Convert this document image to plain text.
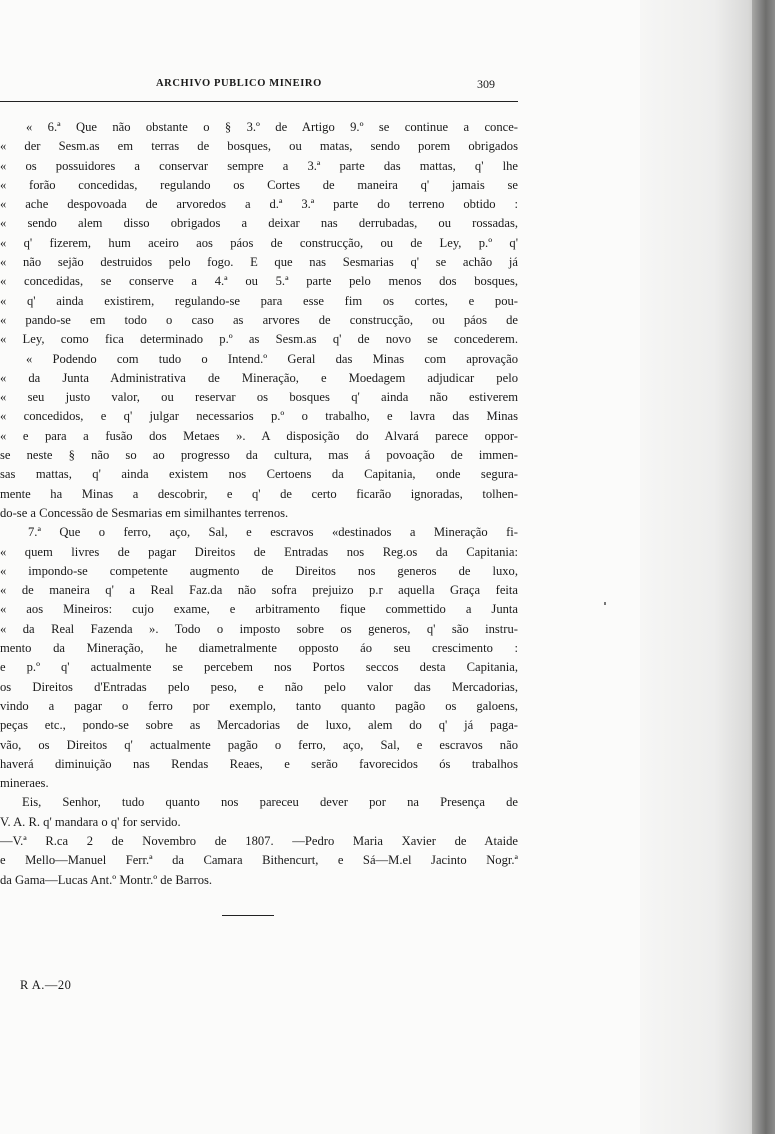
ARCHIVO PUBLICO MINEIRO	309
« 6.ª Que não obstante o § 3.º de Artigo 9.º se continue a conce-
« der Sesm.as em terras de bosques, ou matas, sendo porem obrigados
« os possuidores a conservar sempre a 3.ª parte das mattas, q' lhe
« forão concedidas, regulando os Cortes de maneira q' jamais se
« ache despovoada de arvoredos a d.ª 3.ª parte do terreno obtido :
« sendo alem disso obrigados a deixar nas derrubadas, ou rossadas,
« q' fizerem, hum aceiro aos páos de construcção, ou de Ley, p.º q'
« não sejão destruidos pelo fogo. E que nas Sesmarias q' se achão já
« concedidas, se conserve a 4.ª ou 5.ª parte pelo menos dos bosques,
« q' ainda existirem, regulando-se para esse fim os cortes, e pou-
« pando-se em todo o caso as arvores de construcção, ou páos de
« Ley, como fica determinado p.º as Sesm.as q' de novo se concederem.
« Podendo com tudo o Intend.º Geral das Minas com aprovação
« da Junta Administrativa de Mineração, e Moedagem adjudicar pelo
« seu justo valor, ou reservar os bosques q' ainda não estiverem
« concedidos, e q' julgar necessarios p.º o trabalho, e lavra das Minas
« e para a fusão dos Metaes ». A disposição do Alvará parece oppor-
se neste § não so ao progresso da cultura, mas á povoação de immen-
sas mattas, q' ainda existem nos Certoens da Capitania, onde segura-
mente ha Minas a descobrir, e q' de certo ficarão ignoradas, tolhen-
do-se a Concessão de Sesmarias em similhantes terrenos.
7.ª Que o ferro, aço, Sal, e escravos «destinados a Mineração fi-
« quem livres de pagar Direitos de Entradas nos Reg.os da Capitania:
« impondo-se competente augmento de Direitos nos generos de luxo,
« de maneira q' a Real Faz.da não sofra prejuizo p.r aquella Graça feita
« aos Mineiros: cujo exame, e arbitramento fique commettido a Junta
« da Real Fazenda ». Todo o imposto sobre os generos, q' são instru-
mento da Mineração, he diametralmente opposto áo seu crescimento :
e p.º q' actualmente se percebem nos Portos seccos desta Capitania,
os Direitos d'Entradas pelo peso, e não pelo valor das Mercadorias,
vindo a pagar o ferro por exemplo, tanto quanto pagão os galoens,
peças etc., pondo-se sobre as Mercadorias de luxo, alem do q' já paga-
vão, os Direitos q' actualmente pagão o ferro, aço, Sal, e escravos não
haverá diminuição nas Rendas Reaes, e serão favorecidos ós trabalhos
mineraes.
Eis, Senhor, tudo quanto nos pareceu dever por na Presença de
V. A. R. q' mandara o q' for servido.
—V.ª R.ca 2 de Novembro de 1807. —Pedro Maria Xavier de Ataide
e Mello—Manuel Ferr.ª da Camara Bithencurt, e Sá—M.el Jacinto Nogr.ª
da Gama—Lucas Ant.º Montr.º de Barros.
R A.—20
